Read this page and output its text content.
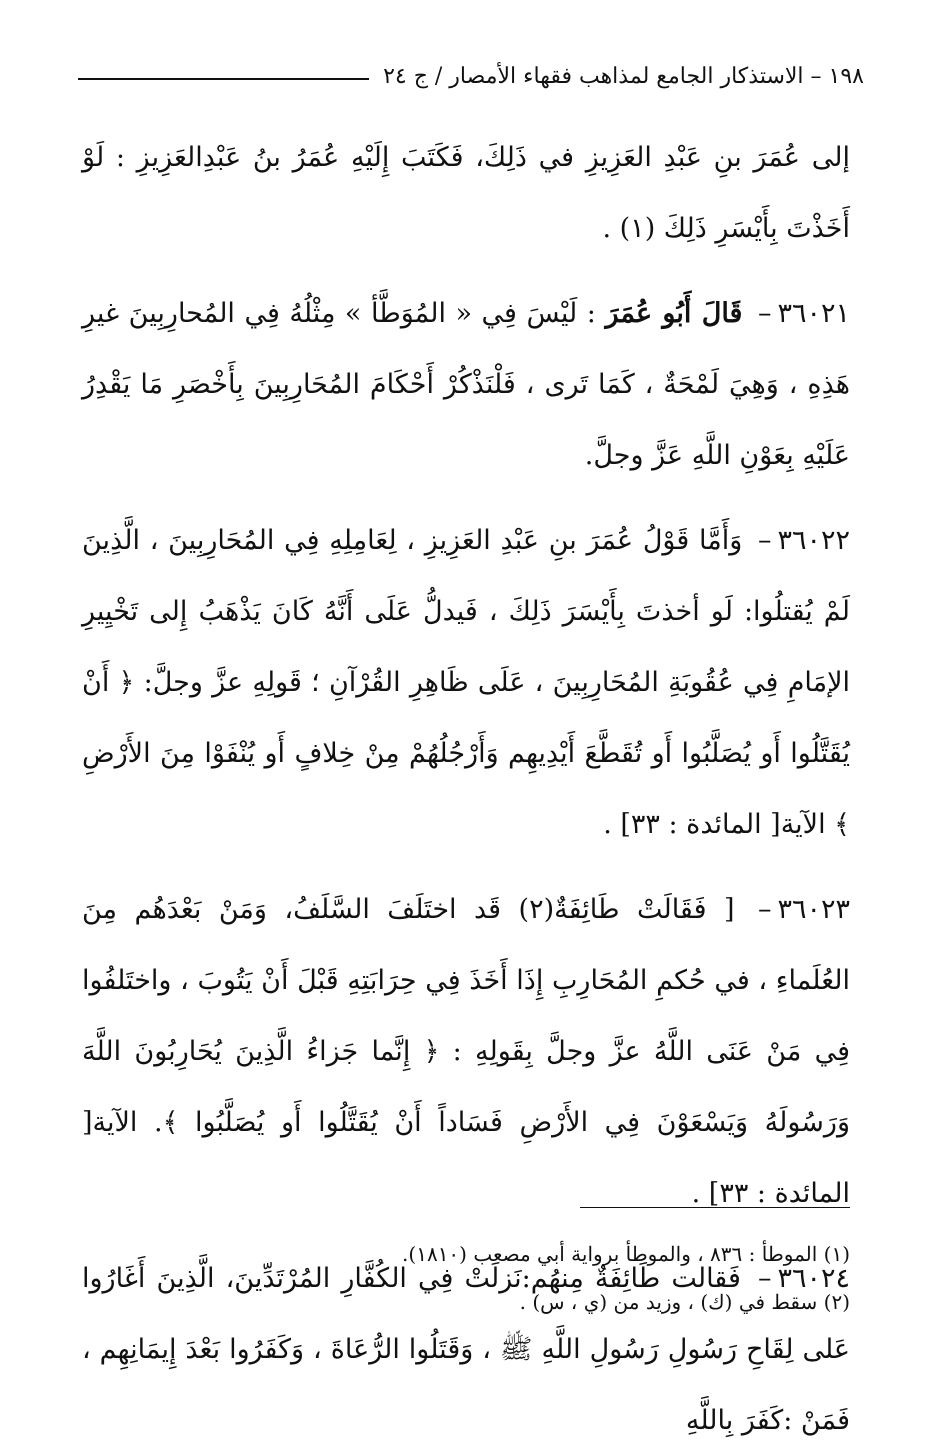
١٩٨ – الاستذكار الجامع لمذاهب فقهاء الأمصار / ج ٢٤

إلى عُمَرَ بنِ عَبْدِ العَزِيزِ في ذَلِكَ، فَكَتَبَ إِلَيْهِ عُمَرُ بنُ عَبْدِالعَزِيزِ : لَوْ أَخَذْتَ بِأَيْسَرِ ذَلِكَ (١) .

٣٦٠٢١– قَالَ أَبُو عُمَرَ : لَيْسَ فِي « المُوَطَّأ » مِثْلُهُ فِي المُحارِبِينَ غيرِ هَذِهِ ، وَهِيَ لَمْحَةٌ ، كَمَا تَرى ، فَلْنَذْكُرْ أَحْكَامَ المُحَارِبِينَ بِأَخْصَرِ مَا يَقْدِرُ عَلَيْهِ بِعَوْنِ اللَّهِ عَزَّ وجلَّ.

٣٦٠٢٢– وَأَمَّا قَوْلُ عُمَرَ بنِ عَبْدِ العَزِيزِ ، لِعَامِلِهِ فِي المُحَارِبِينَ ، الَّذِينَ لَمْ يُقتلُوا: لَو أخذتَ بِأَيْسَرَ ذَلِكَ ، فَيدلُّ عَلَى أَنَّهُ كَانَ يَذْهَبُ إِلى تَخْيِيرِ الإمَامِ فِي عُقُوبَةِ المُحَارِبِينَ ، عَلَى ظَاهِرِ القُرْآنِ ؛ قَولِهِ عزَّ وجلَّ: ﴿ أَنْ يُقَتَّلُوا أَو يُصَلَّبُوا أَو تُقَطَّعَ أَيْدِيهِم وَأَرْجُلُهُمْ مِنْ خِلافٍ أَو يُنْفَوْا مِنَ الأَرْضِ ﴾ الآية[ المائدة : ٣٣] .

٣٦٠٢٣– [ فَقَالَتْ طَائِفَةٌ(٢) قَد اختَلَفَ السَّلَفُ، وَمَنْ بَعْدَهُم مِنَ العُلَماءِ ، في حُكمِ المُحَارِبِ إِذَا أَخَذَ فِي حِرَابَتِهِ قَبْلَ أَنْ يَتُوبَ ، واختَلفُوا فِي مَنْ عَنَى اللَّهُ عزَّ وجلَّ بِقَولِهِ : ﴿ إِنَّما جَزاءُ الَّذِينَ يُحَارِبُونَ اللَّهَ وَرَسُولَهُ وَيَسْعَوْنَ فِي الأَرْضِ فَسَاداً أَنْ يُقَتَّلُوا أَو يُصَلَّبُوا ﴾. الآية[ المائدة : ٣٣] .

٣٦٠٢٤– فَقالت طَائِفَةٌ مِنهُم:نَزلَتْ فِي الكُفَّارِ المُرْتَدِّينَ، الَّذِينَ أَغَارُوا عَلى لِقَاحِ رَسُولِ رَسُولِ اللَّهِ ﷺ ، وَقَتَلُوا الرُّعَاةَ ، وَكَفَرُوا بَعْدَ إِيمَانِهِم ، فَمَنْ :كَفَرَ بِاللَّهِ

(١) الموطأ : ٨٣٦ ، والموطأ برواية أبي مصعب (١٨١٠).

(٢) سقط في (ك) ، وزيد من (ي ، س) .
